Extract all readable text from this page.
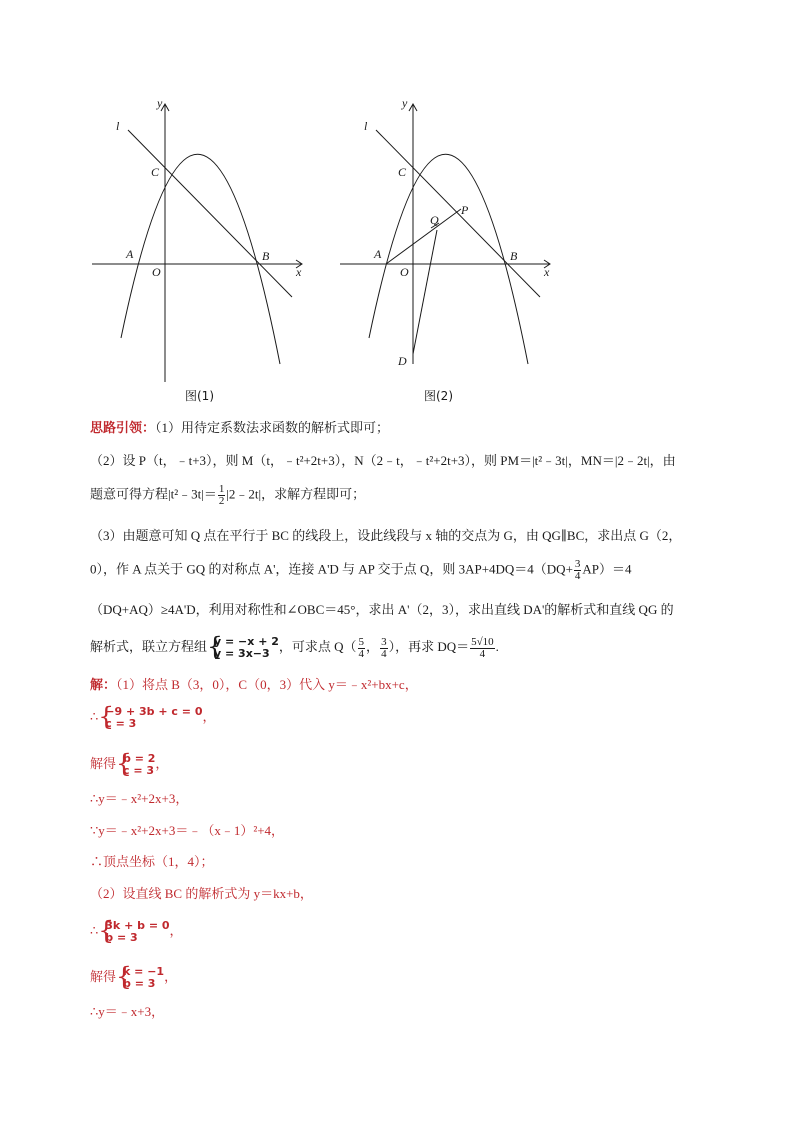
y
l
C
A
O
B
x
图(1)
y
l
C
Q
P
A
O
B
x
D
图(2)
思路引领：（1）用待定系数法求函数的解析式即可；
（2）设 P（t，﹣t+3），则 M（t，﹣t²+2t+3），N（2﹣t，﹣t²+2t+3），则 PM＝|t²﹣3t|，MN＝|2﹣2t|，由
题意可得方程|t²﹣3t|＝ $\frac{1}{2}$ |2﹣2t|，求解方程即可；
（3）由题意可知 Q 点在平行于 BC 的线段上，设此线段与 x 轴的交点为 G，由 QG∥BC，求出点 G（2，
0），作 A 点关于 GQ 的对称点 A'，连接 A'D 与 AP 交于点 Q，则 $3AP+4DQ=4(DQ+ \frac{3}{4} AP)=4$
（DQ+AQ）≥4A'D，利用对称性和∠OBC＝45°，求出 A'（2，3），求出直线 DA'的解析式和直线 QG 的
解析式，联立方程组 {
y = −x + 2
y = 3x−3 ，可求点 $Q( \frac{5}{4}$ ， $\frac{3}{4}$ ），再求 $DQ= \frac{5√10}{4}$ .
解：（1）将点 B（3，0），C（0，3）代入 y＝﹣x²+bx+c，
∴ {
−9 + 3b + c = 0
c = 3	，
解得 {
b = 2
c = 3 ，
∴y＝﹣x²+2x+3，
∵y＝﹣x²+2x+3＝﹣（x﹣1）²+4，
∴顶点坐标（1，4）；
（2）设直线 BC 的解析式为 y＝kx+b，
∴ {
3k + b = 0
b = 3	，
解得 {
k = −1
b = 3 ，
∴y＝﹣x+3，
